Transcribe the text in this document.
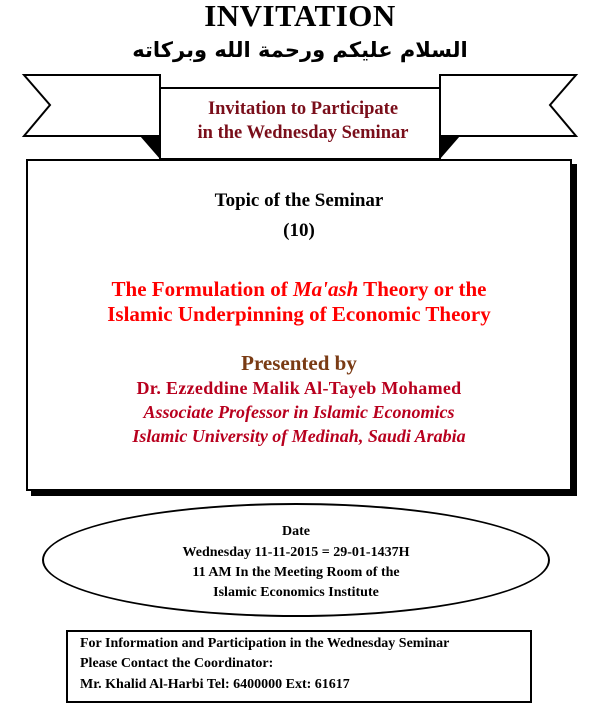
INVITATION
السلام عليكم ورحمة الله وبركاته
Invitation to Participate
in the Wednesday Seminar
Topic of the Seminar
(10)
The Formulation of Ma'ash Theory or the
Islamic Underpinning of Economic Theory
Presented by
Dr. Ezzeddine Malik Al-Tayeb Mohamed
Associate Professor in Islamic Economics
Islamic University of Medinah, Saudi Arabia
Date
Wednesday 11-11-2015 = 29-01-1437H
11 AM In the Meeting Room of the
Islamic Economics Institute
For Information and Participation in the Wednesday Seminar
Please Contact the Coordinator:
Mr. Khalid Al-Harbi Tel: 6400000 Ext: 61617
